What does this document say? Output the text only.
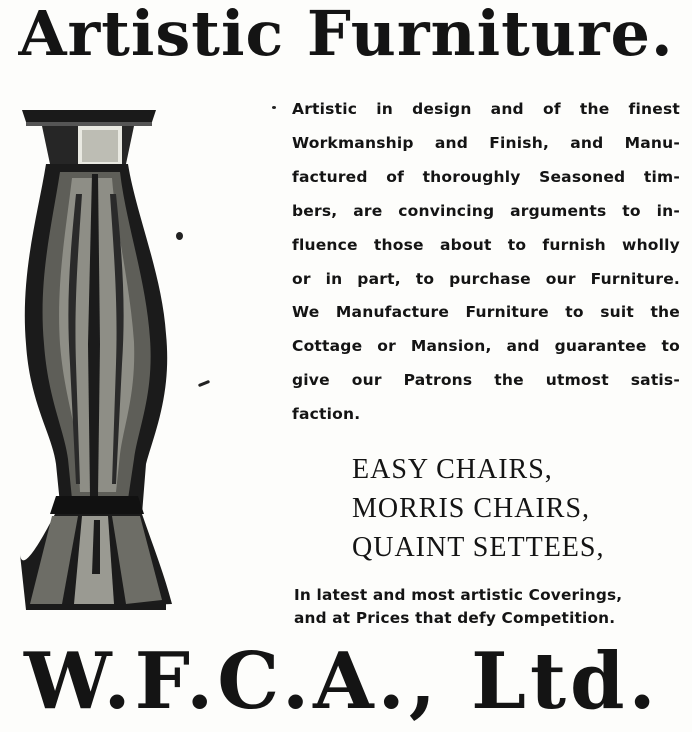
Artistic Furniture.

Artistic in design and of the finest
Workmanship and Finish, and Manu-
factured of thoroughly Seasoned tim-
bers, are convincing arguments to in-
fluence those about to furnish wholly
or in part, to purchase our Furniture.
We Manufacture Furniture to suit the
Cottage or Mansion, and guarantee to
give our Patrons the utmost satis-
faction.

EASY CHAIRS,
MORRIS CHAIRS,
QUAINT SETTEES,

In latest and most artistic Coverings,
and at Prices that defy Competition.

W.F.C.A., Ltd.
